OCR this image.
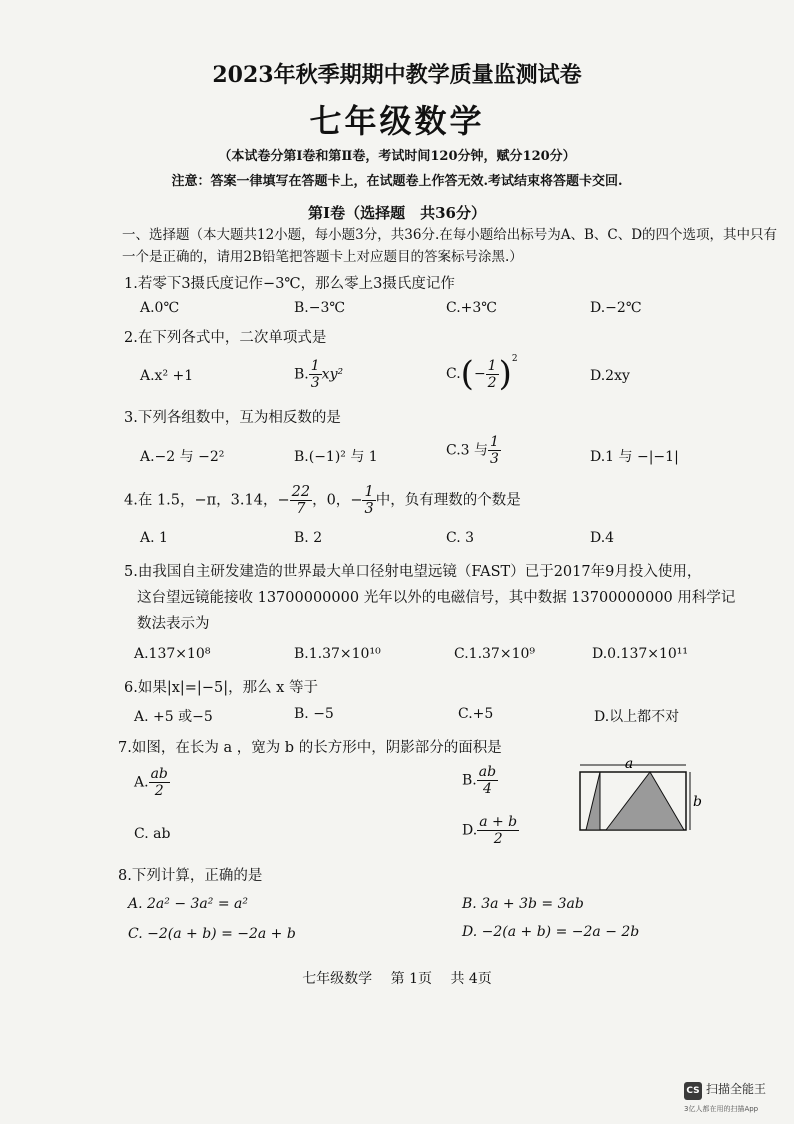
2023年秋季期期中教学质量监测试卷
七年级数学
（本试卷分第Ⅰ卷和第Ⅱ卷，考试时间120分钟，赋分120分）
注意：答案一律填写在答题卡上，在试题卷上作答无效.考试结束将答题卡交回.
第Ⅰ卷（选择题　共36分）
一、选择题（本大题共12小题，每小题3分，共36分.在每小题给出标号为A、B、C、D的四个选项，其中只有一个是正确的，请用2B铅笔把答题卡上对应题目的答案标号涂黑.）
1.若零下3摄氏度记作−3℃，那么零上3摄氏度记作
A.0℃	B.−3℃	C.+3℃	D.−2℃
2.在下列各式中，二次单项式是
A.x² +1	B. $\frac{1}{3} xy^2$	$C.(- \frac{1}{2} )^2$
D.2xy
3.下列各组数中，互为相反数的是
A.−2 与 −2²	B.(−1)² 与 1	C.3 与 $\frac{1}{3}$	D.1 与 −|−1|
4.在 1.5，−π，3.14，− $\frac{22}{7}$ ，0，− $\frac{1}{3}$ 中，负有理数的个数是
A. 1	B. 2	C. 3	D.4
5.由我国自主研发建造的世界最大单口径射电望远镜（FAST）已于2017年9月投入使用，
这台望远镜能接收 13700000000 光年以外的电磁信号，其中数据 13700000000 用科学记
数法表示为
A.137×10⁸	B.1.37×10¹⁰	C.1.37×10⁹	D.0.137×10¹¹
6.如果|x|=|−5|，那么 x 等于
A. +5 或−5	B. −5	C.+5	D.以上都不对
7.如图，在长为 a ，宽为 b 的长方形中，阴影部分的面积是
A. $\frac{ab}{2}$	B. $\frac{ab}{4}$
C. ab	D. $\frac{a + b}{2}$
a
b
8.下列计算，正确的是
A. 2a² − 3a² = a²	B. 3a + 3b = 3ab
C. −2(a + b) = −2a + b	D. −2(a + b) = −2a − 2b
七年级数学　 第 1页　 共 4页
CS 扫描全能王
3亿人都在用的扫描App
